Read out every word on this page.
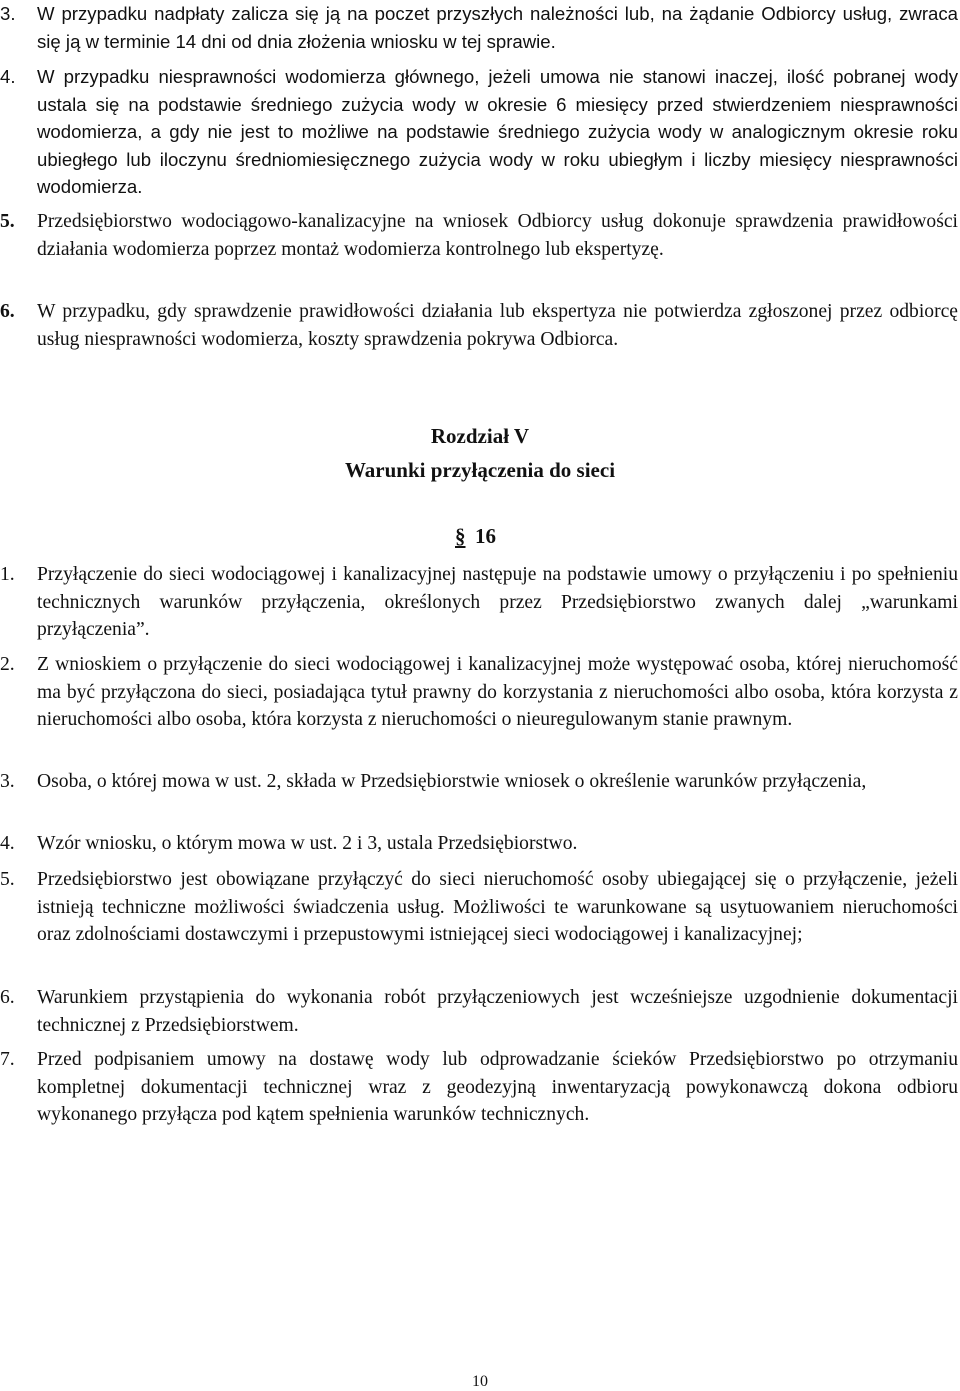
3.	W przypadku nadpłaty zalicza się ją na poczet przyszłych należności lub, na żądanie Odbiorcy usług, zwraca się ją w terminie 14 dni od dnia złożenia wniosku w tej sprawie.
4.	W przypadku niesprawności wodomierza głównego, jeżeli umowa nie stanowi inaczej, ilość pobranej wody ustala się na podstawie średniego zużycia wody w okresie 6 miesięcy przed stwierdzeniem niesprawności wodomierza, a gdy nie jest to możliwe na podstawie średniego zużycia wody w analogicznym okresie roku ubiegłego lub iloczynu średniomiesięcznego zużycia wody w roku ubiegłym i liczby miesięcy niesprawności wodomierza.
5.	Przedsiębiorstwo wodociągowo-kanalizacyjne na wniosek Odbiorcy usług dokonuje sprawdzenia prawidłowości działania wodomierza poprzez montaż wodomierza kontrolnego lub ekspertyzę.
6.	W przypadku, gdy sprawdzenie prawidłowości działania lub ekspertyza nie potwierdza zgłoszonej przez odbiorcę usług niesprawności wodomierza, koszty sprawdzenia pokrywa Odbiorca.
Rozdział V
Warunki przyłączenia do sieci
§ 16
1.	Przyłączenie do sieci wodociągowej i kanalizacyjnej następuje na podstawie umowy o przyłączeniu i po spełnieniu technicznych warunków przyłączenia, określonych przez Przedsiębiorstwo zwanych dalej „warunkami przyłączenia”.
2.	Z wnioskiem o przyłączenie do sieci wodociągowej i kanalizacyjnej może występować osoba, której nieruchomość ma być przyłączona do sieci, posiadająca tytuł prawny do korzystania z nieruchomości albo osoba, która korzysta z nieruchomości albo osoba, która korzysta z nieruchomości o nieuregulowanym stanie prawnym.
3.	Osoba, o której mowa w ust. 2, składa w Przedsiębiorstwie wniosek o określenie warunków przyłączenia,
4.	Wzór wniosku, o którym mowa w ust. 2 i 3, ustala Przedsiębiorstwo.
5.	Przedsiębiorstwo jest obowiązane przyłączyć do sieci nieruchomość osoby ubiegającej się o przyłączenie, jeżeli istnieją techniczne możliwości świadczenia usług. Możliwości te warunkowane są usytuowaniem nieruchomości oraz zdolnościami dostawczymi i przepustowymi istniejącej sieci wodociągowej i kanalizacyjnej;
6.	Warunkiem przystąpienia do wykonania robót przyłączeniowych jest wcześniejsze uzgodnienie dokumentacji technicznej z Przedsiębiorstwem.
7.	Przed podpisaniem umowy na dostawę wody lub odprowadzanie ścieków Przedsiębiorstwo po otrzymaniu kompletnej dokumentacji technicznej wraz z geodezyjną inwentaryzacją powykonawczą dokona odbioru wykonanego przyłącza pod kątem spełnienia warunków technicznych.
10
